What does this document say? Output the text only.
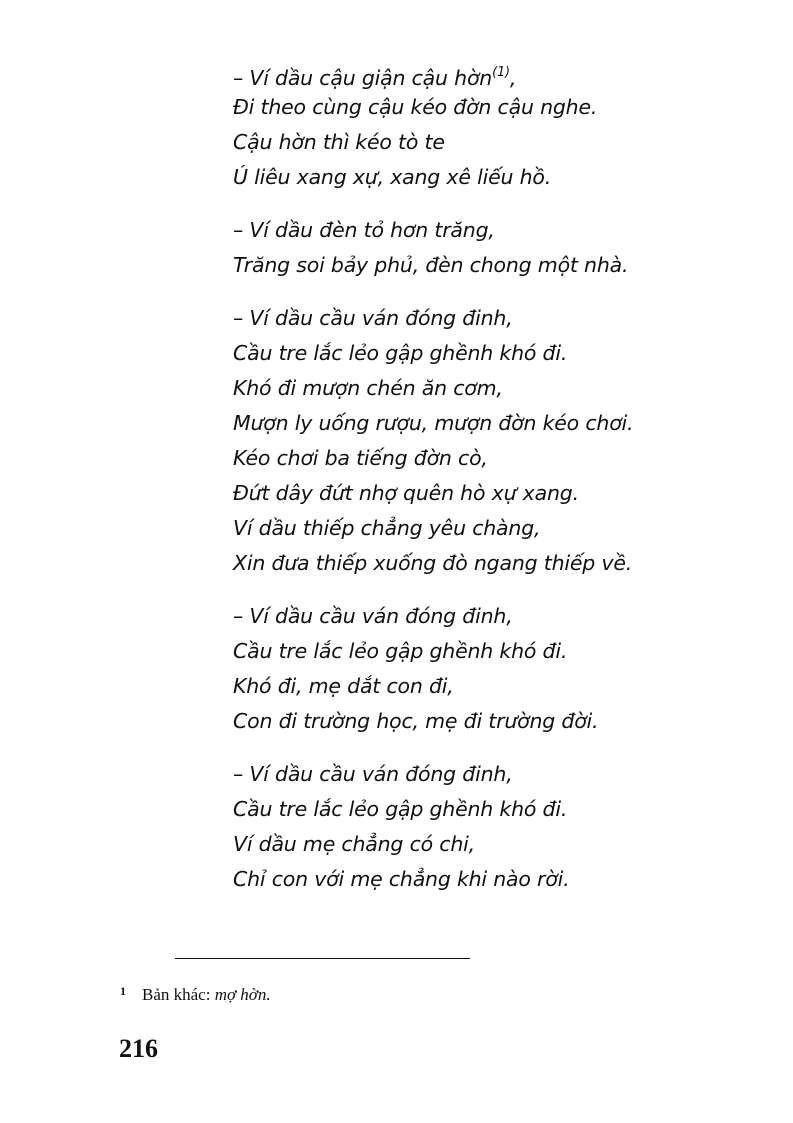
– Ví dầu cậu giận cậu hờn$^{(1)}$,
Đi theo cùng cậu kéo đờn cậu nghe.
Cậu hờn thì kéo tò te
Ú liêu xang xự, xang xê liếu hồ.
– Ví dầu đèn tỏ hơn trăng,
Trăng soi bảy phủ, đèn chong một nhà.
– Ví dầu cầu ván đóng đinh,
Cầu tre lắc lẻo gập ghềnh khó đi.
Khó đi mượn chén ăn cơm,
Mượn ly uống rượu, mượn đờn kéo chơi.
Kéo chơi ba tiếng đờn cò,
Đứt dây đứt nhợ quên hò xự xang.
Ví dầu thiếp chẳng yêu chàng,
Xin đưa thiếp xuống đò ngang thiếp về.
– Ví dầu cầu ván đóng đinh,
Cầu tre lắc lẻo gập ghềnh khó đi.
Khó đi, mẹ dắt con đi,
Con đi trường học, mẹ đi trường đời.
– Ví dầu cầu ván đóng đinh,
Cầu tre lắc lẻo gập ghềnh khó đi.
Ví dầu mẹ chẳng có chi,
Chỉ con với mẹ chẳng khi nào rời.
$^1$ Bản khác: mợ hờn.
216
